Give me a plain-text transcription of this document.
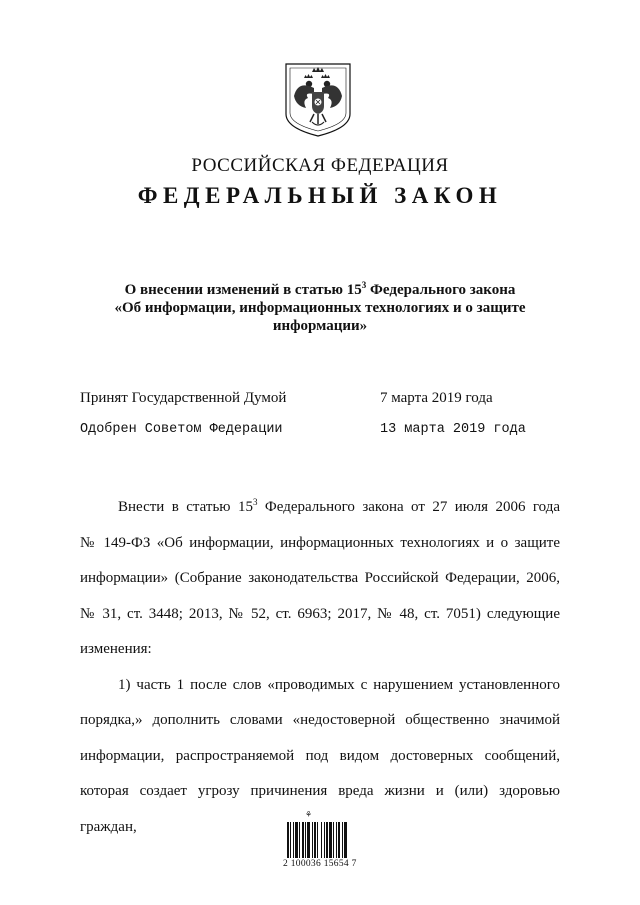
РОССИЙСКАЯ ФЕДЕРАЦИЯ
ФЕДЕРАЛЬНЫЙ ЗАКОН
О внесении изменений в статью $15^3$ Федерального закона
«Об информации, информационных технологиях и о защите
информации»
Принят Государственной Думой	7 марта 2019 года
Одобрен Советом Федерации	13 марта 2019 года

Внести в статью $15^3$ Федерального закона от 27 июля 2006 года

№ 149-ФЗ «Об информации, информационных технологиях и о защите

информации» (Собрание законодательства Российской Федерации, 2006,

№ 31, ст. 3448; 2013, № 52, ст. 6963; 2017, № 48, ст. 7051) следующие

изменения:

1) часть 1 после слов «проводимых с нарушением установленного

порядка,» дополнить словами «недостоверной общественно значимой

информации, распространяемой под видом достоверных сообщений,

которая создает угрозу причинения вреда жизни и (или) здоровью граждан,

⚘
2 100036 15654 7
